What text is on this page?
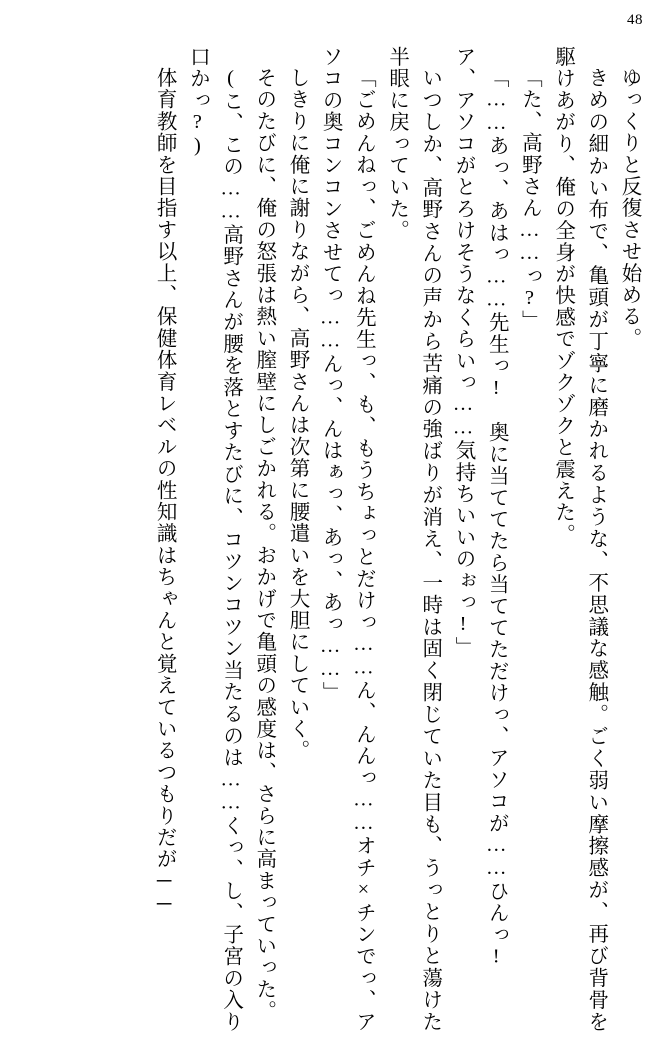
48

ゆっくりと反復させ始める。

きめの細かい布で、亀頭が丁寧に磨かれるような、不思議な感触。ごく弱い摩擦感が、再び背骨を駆けあがり、俺の全身が快感でゾクゾクと震えた。

「た、高野さん……っ?」

「……あっ、あはっ……先生っ!　奥に当ててたら当ててただけっ、アソコが……ひんっ!

ア、アソコがとろけそうなくらいっ……気持ちいいのぉっ!」

いつしか、高野さんの声から苦痛の強ばりが消え、一時は固く閉じていた目も、うっとりと蕩けた半眼に戻っていた。

「ごめんねっ、ごめんね先生っ、も、もうちょっとだけっ……ん、んんっ……オチ×チンでっ、アソコの奥コンコンさせてっ……んっ、んはぁっ、あっ、あっ……」

しきりに俺に謝りながら、高野さんは次第に腰遣いを大胆にしていく。

そのたびに、俺の怒張は熱い膣壁にしごかれる。おかげで亀頭の感度は、さらに高まっていった。

(こ、この……高野さんが腰を落とすたびに、コツンコツン当たるのは……くっ、し、子宮の入り口かっ?)

体育教師を目指す以上、保健体育レベルの性知識はちゃんと覚えているつもりだが──
